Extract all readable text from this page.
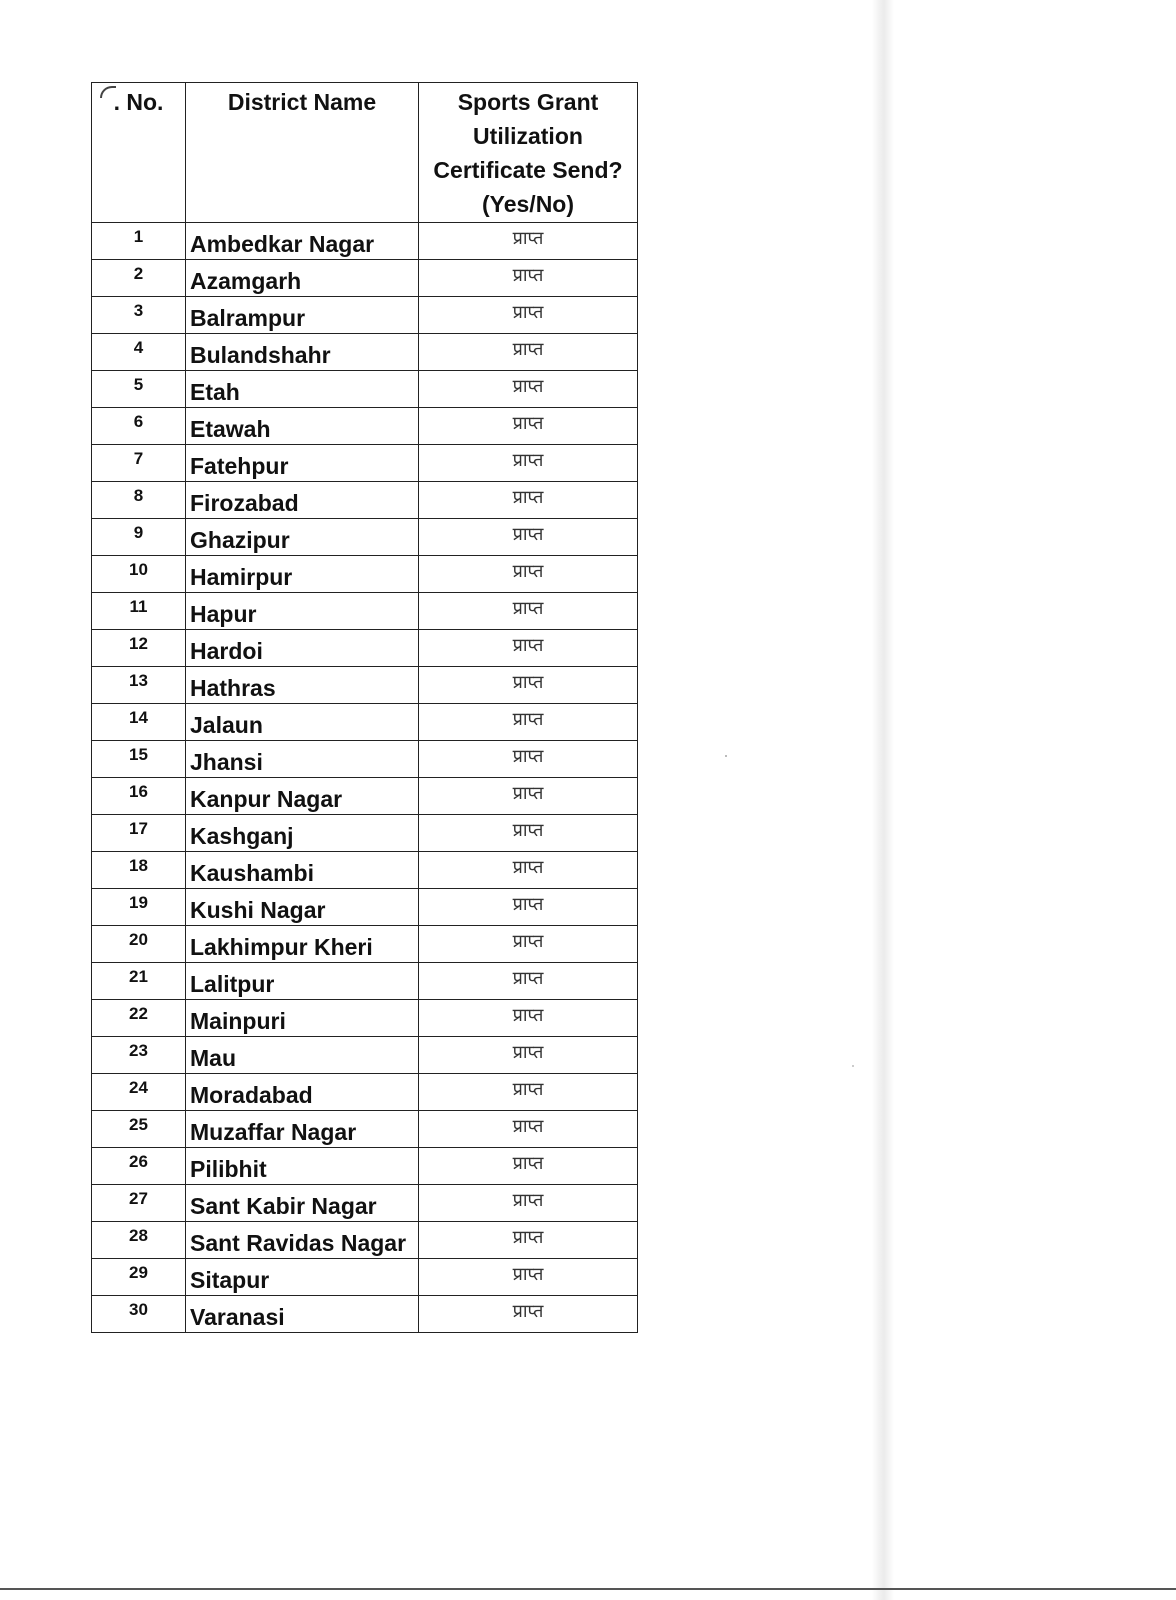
. No.	District Name	Sports Grant Utilization Certificate Send? (Yes/No)
1	Ambedkar Nagar	प्राप्त
2	Azamgarh	प्राप्त
3	Balrampur	प्राप्त
4	Bulandshahr	प्राप्त
5	Etah	प्राप्त
6	Etawah	प्राप्त
7	Fatehpur	प्राप्त
8	Firozabad	प्राप्त
9	Ghazipur	प्राप्त
10	Hamirpur	प्राप्त
11	Hapur	प्राप्त
12	Hardoi	प्राप्त
13	Hathras	प्राप्त
14	Jalaun	प्राप्त
15	Jhansi	प्राप्त
16	Kanpur Nagar	प्राप्त
17	Kashganj	प्राप्त
18	Kaushambi	प्राप्त
19	Kushi Nagar	प्राप्त
20	Lakhimpur Kheri	प्राप्त
21	Lalitpur	प्राप्त
22	Mainpuri	प्राप्त
23	Mau	प्राप्त
24	Moradabad	प्राप्त
25	Muzaffar Nagar	प्राप्त
26	Pilibhit	प्राप्त
27	Sant Kabir Nagar	प्राप्त
28	Sant Ravidas Nagar	प्राप्त
29	Sitapur	प्राप्त
30	Varanasi	प्राप्त
